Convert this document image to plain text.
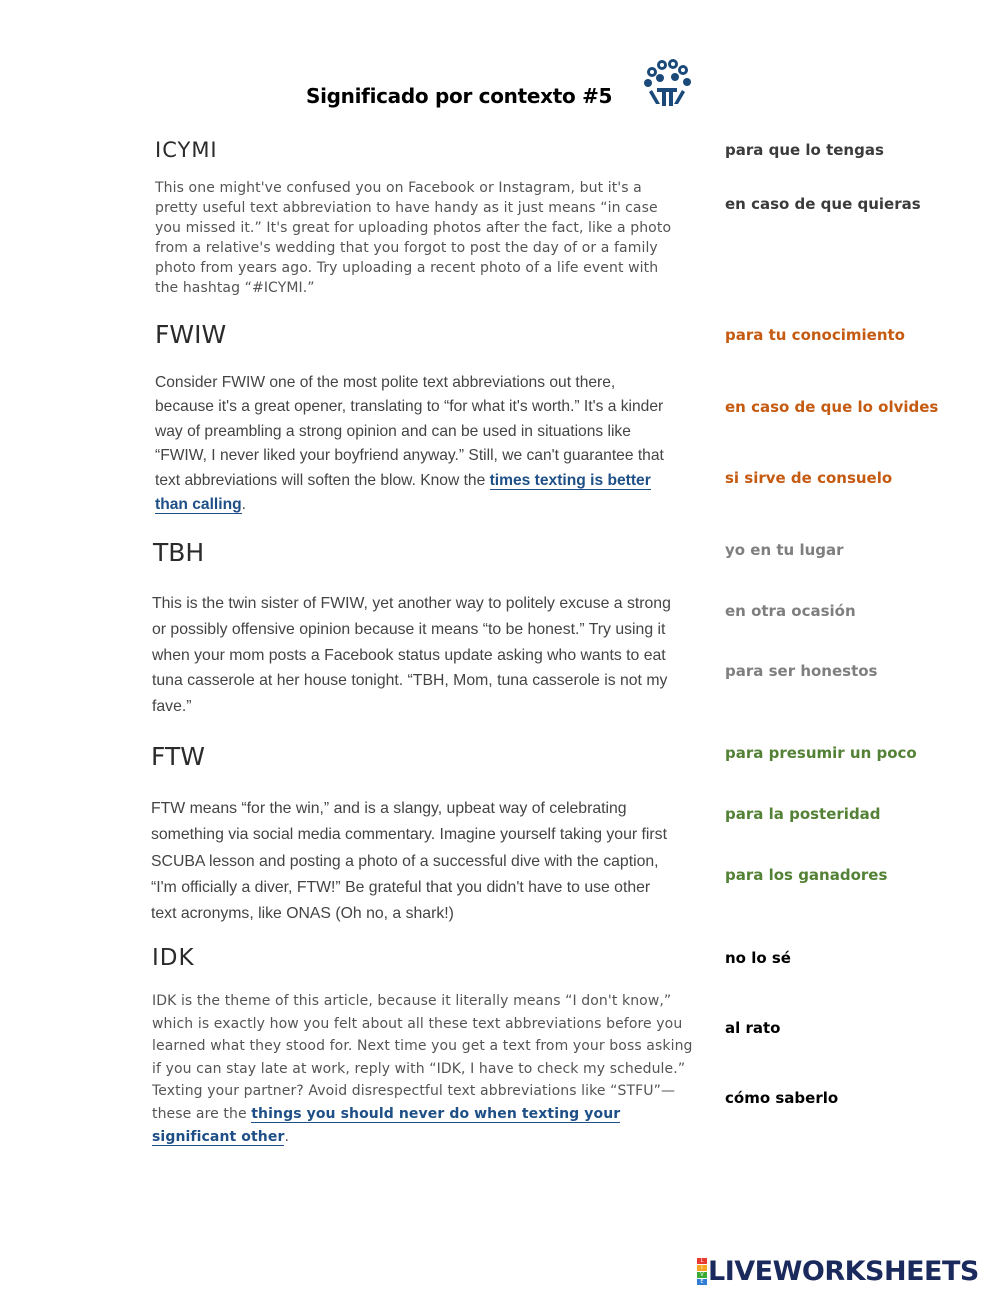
Significado por contexto #5
ICYMI
FWIW
TBH
FTW
IDK

This one might've confused you on Facebook or Instagram, but it's a pretty useful text abbreviation to have handy as it just means “in case you missed it.” It's great for uploading photos after the fact, like a photo from a relative's wedding that you forgot to post the day of or a family photo from years ago. Try uploading a recent photo of a life event with the hashtag “#ICYMI.”

Consider FWIW one of the most polite text abbreviations out there, because it's a great opener, translating to “for what it's worth.” It's a kinder way of preambling a strong opinion and can be used in situations like “FWIW, I never liked your boyfriend anyway.” Still, we can't guarantee that text abbreviations will soften the blow. Know the times texting is better than calling.

This is the twin sister of FWIW, yet another way to politely excuse a strong or possibly offensive opinion because it means “to be honest.” Try using it when your mom posts a Facebook status update asking who wants to eat tuna casserole at her house tonight. “TBH, Mom, tuna casserole is not my fave.”

FTW means “for the win,” and is a slangy, upbeat way of celebrating something via social media commentary. Imagine yourself taking your first SCUBA lesson and posting a photo of a successful dive with the caption, “I'm officially a diver, FTW!” Be grateful that you didn't have to use other text acronyms, like ONAS (Oh no, a shark!)

IDK is the theme of this article, because it literally means “I don't know,” which is exactly how you felt about all these text abbreviations before you learned what they stood for. Next time you get a text from your boss asking if you can stay late at work, reply with “IDK, I have to check my schedule.” Texting your partner? Avoid disrespectful text abbreviations like “STFU”—these are the things you should never do when texting your significant other.

para que lo tengas
en caso de que quieras
para tu conocimiento
en caso de que lo olvides
si sirve de consuelo
yo en tu lugar
en otra ocasión
para ser honestos
para presumir un poco
para la posteridad
para los ganadores
no lo sé
al rato
cómo saberlo
L
I
V
E LIVEWORKSHEETS
